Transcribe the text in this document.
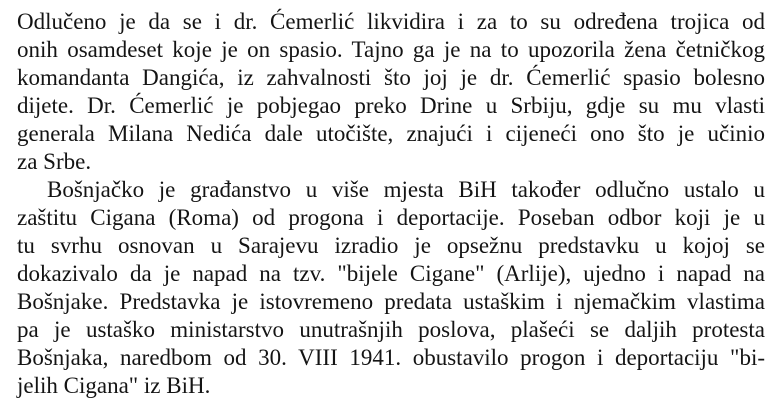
Odlučeno je da se i dr. Ćemerlić likvidira i za to su određena trojica od
onih osamdeset koje je on spasio. Tajno ga je na to upozorila žena četničkog
komandanta Dangića, iz zahvalnosti što joj je dr. Ćemerlić spasio bolesno
dijete. Dr. Ćemerlić je pobjegao preko Drine u Srbiju, gdje su mu vlasti
generala Milana Nedića dale utočište, znajući i cijeneći ono što je učinio
za Srbe.
Bošnjačko je građanstvo u više mjesta BiH također odlučno ustalo u
zaštitu Cigana (Roma) od progona i deportacije. Poseban odbor koji je u
tu svrhu osnovan u Sarajevu izradio je opsežnu predstavku u kojoj se
dokazivalo da je napad na tzv. "bijele Cigane" (Arlije), ujedno i napad na
Bošnjake. Predstavka je istovremeno predata ustaškim i njemačkim vlastima
pa je ustaško ministarstvo unutrašnjih poslova, plašeći se daljih protesta
Bošnjaka, naredbom od 30. VIII 1941. obustavilo progon i deportaciju "bi-
jelih Cigana" iz BiH.
